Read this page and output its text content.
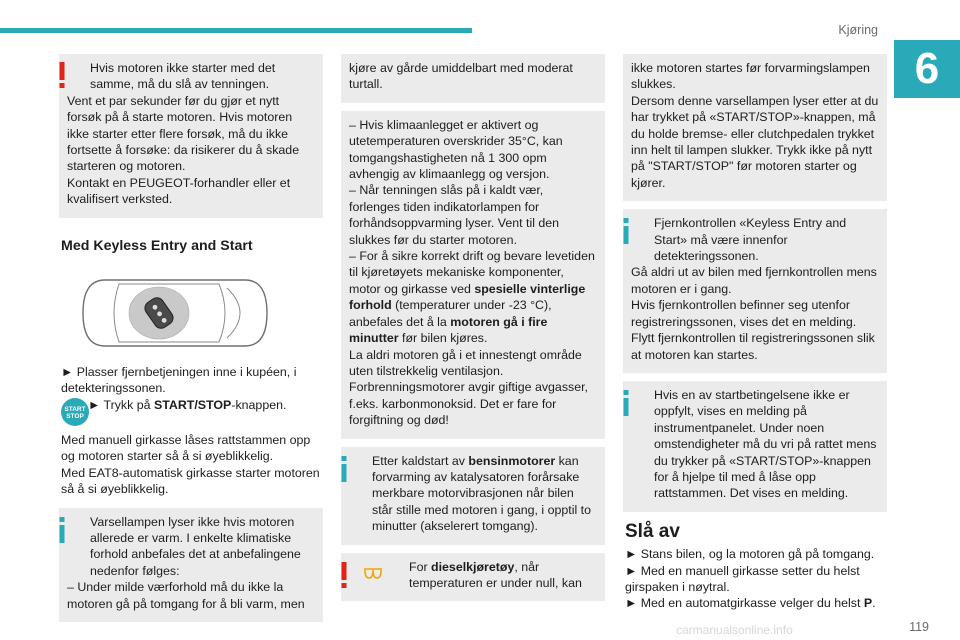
Kjøring
6

Hvis motoren ikke starter med det samme, må du slå av tenningen.

Vent et par sekunder før du gjør et nytt forsøk på å starte motoren. Hvis motoren ikke starter etter flere forsøk, må du ikke fortsette å forsøke: da risikerer du å skade starteren og motoren.

Kontakt en PEUGEOT-forhandler eller et kvalifisert verksted.

Med Keyless Entry and Start

► Plasser fjernbetjeningen inne i kupéen, i detekteringssonen.

START
STOP
► Trykk på START/STOP-knappen.

Med manuell girkasse låses rattstammen opp og motoren starter så å si øyeblikkelig.

Med EAT8-automatisk girkasse starter motoren så å si øyeblikkelig.

Varsellampen lyser ikke hvis motoren allerede er varm. I enkelte klimatiske forhold anbefales det at anbefalingene nedenfor følges:

– Under milde værforhold må du ikke la motoren gå på tomgang for å bli varm, men

kjøre av gårde umiddelbart med moderat turtall.

– Hvis klimaanlegget er aktivert og utetemperaturen overskrider 35°C, kan tomgangshastigheten nå 1 300 opm avhengig av klimaanlegg og versjon.

– Når tenningen slås på i kaldt vær, forlenges tiden indikatorlampen for forhåndsoppvarming lyser. Vent til den slukkes før du starter motoren.

– For å sikre korrekt drift og bevare levetiden til kjøretøyets mekaniske komponenter, motor og girkasse ved spesielle vinterlige forhold (temperaturer under -23 °C), anbefales det å la motoren gå i fire minutter før bilen kjøres.

La aldri motoren gå i et innestengt område uten tilstrekkelig ventilasjon. Forbrenningsmotorer avgir giftige avgasser, f.eks. karbonmonoksid. Det er fare for forgiftning og død!

Etter kaldstart av bensinmotorer kan forvarming av katalysatoren forårsake merkbare motorvibrasjonen når bilen står stille med motoren i gang, i opptil to minutter (akselerert tomgang).

For dieselkjøretøy, når temperaturen er under null, kan

ikke motoren startes før forvarmingslampen slukkes.

Dersom denne varsellampen lyser etter at du har trykket på «START/STOP»-knappen, må du holde bremse- eller clutchpedalen trykket inn helt til lampen slukker. Trykk ikke på nytt på "START/STOP" før motoren starter og kjører.

Fjernkontrollen «Keyless Entry and Start» må være innenfor detekteringssonen.

Gå aldri ut av bilen med fjernkontrollen mens motoren er i gang.

Hvis fjernkontrollen befinner seg utenfor registreringssonen, vises det en melding. Flytt fjernkontrollen til registreringssonen slik at motoren kan startes.

Hvis en av startbetingelsene ikke er oppfylt, vises en melding på instrumentpanelet. Under noen omstendigheter må du vri på rattet mens du trykker på «START/STOP»-knappen for å hjelpe til med å låse opp rattstammen. Det vises en melding.

Slå av

► Stans bilen, og la motoren gå på tomgang.

► Med en manuell girkasse setter du helst girspaken i nøytral.

► Med en automatgirkasse velger du helst P.

carmanualsonline.info	119
